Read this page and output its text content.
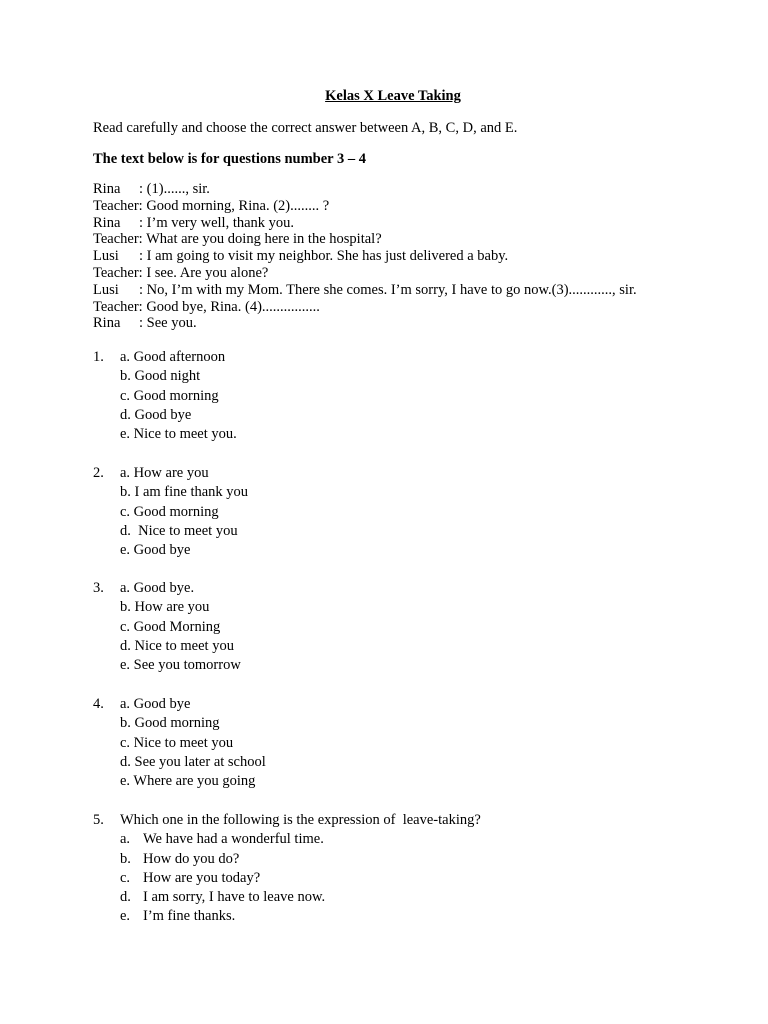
Kelas X Leave Taking
Read carefully and choose the correct answer between A, B, C, D, and E.
The text below is for questions number 3 – 4
Rina : (1)......, sir.
Teacher: Good morning, Rina. (2)........ ?
Rina : I’m very well, thank you.
Teacher: What are you doing here in the hospital?
Lusi : I am going to visit my neighbor. She has just delivered a baby.
Teacher: I see. Are you alone?
Lusi : No, I’m with my Mom. There she comes. I’m sorry, I have to go now.(3)............, sir.
Teacher: Good bye, Rina. (4)................
Rina : See you.
1.	a. Good afternoon
b. Good night
c. Good morning
d. Good bye
e. Nice to meet you.
2.	a. How are you
b. I am fine thank you
c. Good morning
d.  Nice to meet you
e. Good bye
3.	a. Good bye.
b. How are you
c. Good Morning
d. Nice to meet you
e. See you tomorrow
4.	a. Good bye
b. Good morning
c. Nice to meet you
d. See you later at school
e. Where are you going
5.	Which one in the following is the expression of  leave-taking?
a. We have had a wonderful time.
b. How do you do?
c. How are you today?
d. I am sorry, I have to leave now.
e. I’m fine thanks.
